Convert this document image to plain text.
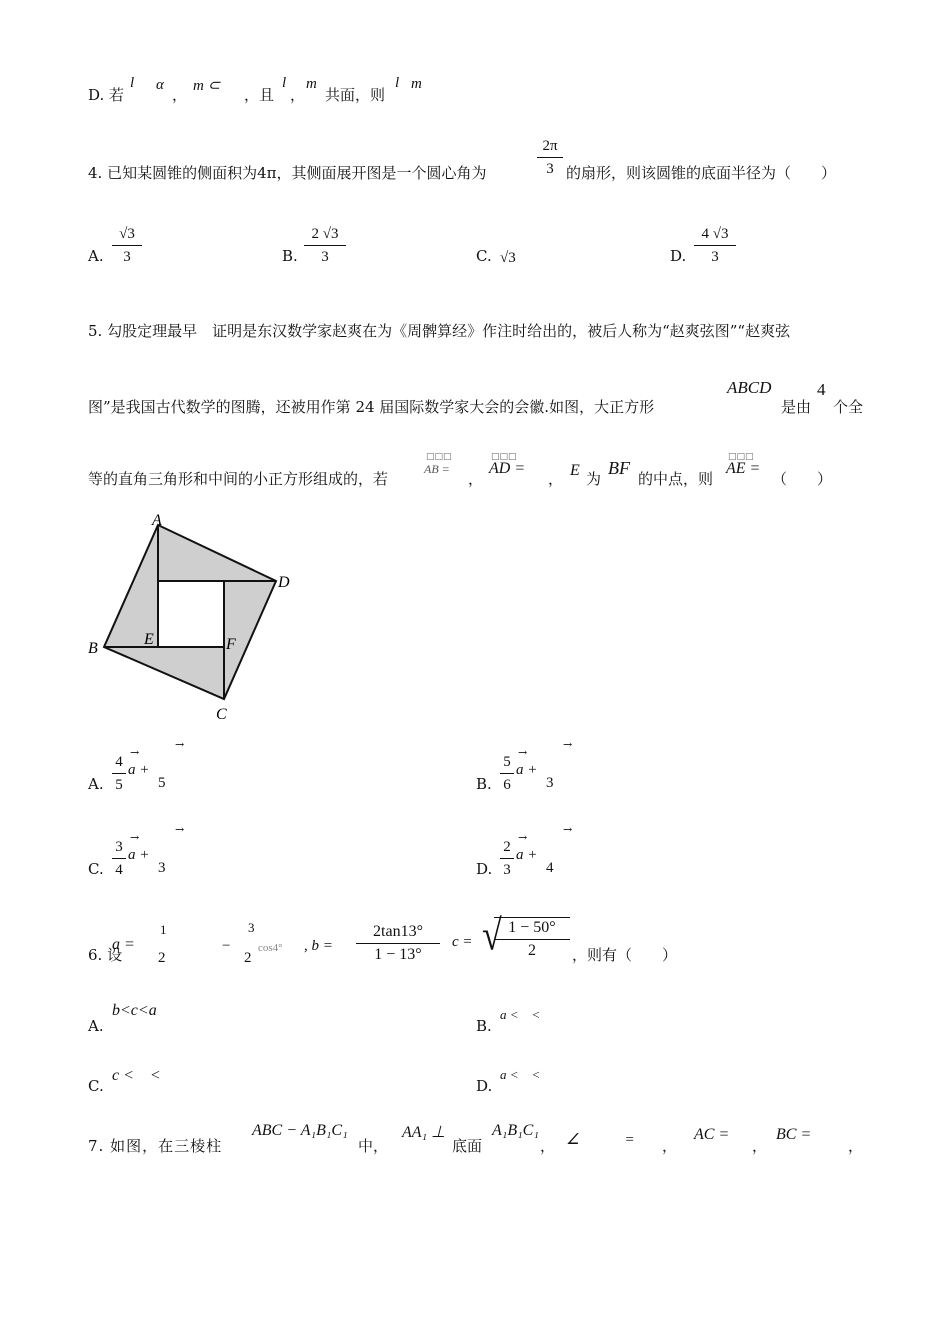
D. 若
l α
， m ⊂ ，且
l
，
m
共面，则
l m
4. 已知某圆锥的侧面积为4π，其侧面展开图是一个圆心角为
2π
3 的扇形，则该圆锥的底面半径为（　　）
A.
√3
3	B.
2 √3
3	C. √3	D.
4 √3
3
5. 勾股定理最早　证明是东汉数学家赵爽在为《周髀算经》作注时给出的，被后人称为“赵爽弦图”“赵爽弦
图”是我国古代数学的图腾，还被用作第 24 届国际数学家大会的会徽.如图，大正方形
ABCD
是由
4
个全
等的直角三角形和中间的小正方形组成的，若
□□□
AB =
，
□□□
AD =
， E 为
BF
的中点，则
□□□
AE =
（　　）
A
D
B
E	F
C
A.
4
5
→
a +
→
5	B.
5
6
→
a +
→
3
C.
3
4
→
a +
→
3	D.
2
3
→
a +
→
4
6. 设
a =
1
2
−
3
2
cos4° , b =
2tan13°
1 − 13°
c = √ 1 − 50°
2	，则有（　　）
A.
b<c<a
B.
a <　<
C.
c <　<
D.
a <　<
7. 如图，在三棱柱
ABC − A₁B₁C₁
中，
AA₁ ⊥
底面
A₁B₁C₁
， ∠　　　=　 ，
AC =
，
BC =
，
